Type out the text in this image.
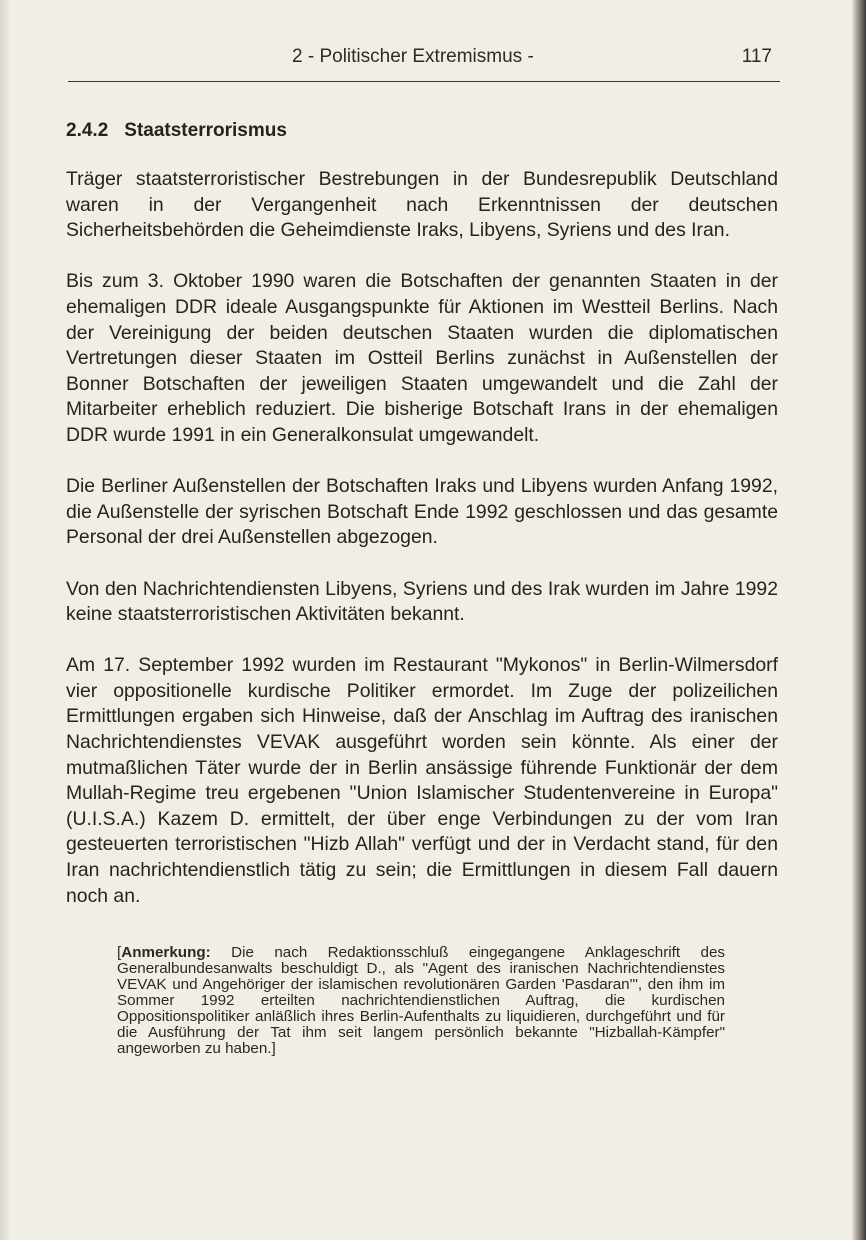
2 - Politischer Extremismus -	117
2.4.2 Staatsterrorismus

Träger staatsterroristischer Bestrebungen in der Bundesrepublik Deutschland waren in der Vergangenheit nach Erkenntnissen der deutschen Sicherheitsbehörden die Geheimdienste Iraks, Libyens, Syriens und des Iran.

Bis zum 3. Oktober 1990 waren die Botschaften der genannten Staaten in der ehemaligen DDR ideale Ausgangspunkte für Aktionen im Westteil Berlins. Nach der Vereinigung der beiden deutschen Staaten wurden die diplomatischen Vertretungen dieser Staaten im Ostteil Berlins zunächst in Außenstellen der Bonner Botschaften der jeweiligen Staaten umgewandelt und die Zahl der Mitarbeiter erheblich reduziert. Die bisherige Botschaft Irans in der ehemaligen DDR wurde 1991 in ein Generalkonsulat umgewandelt.

Die Berliner Außenstellen der Botschaften Iraks und Libyens wurden Anfang 1992, die Außenstelle der syrischen Botschaft Ende 1992 geschlossen und das gesamte Personal der drei Außenstellen abgezogen.

Von den Nachrichtendiensten Libyens, Syriens und des Irak wurden im Jahre 1992 keine staatsterroristischen Aktivitäten bekannt.

Am 17. September 1992 wurden im Restaurant "Mykonos" in Berlin-Wilmersdorf vier oppositionelle kurdische Politiker ermordet. Im Zuge der polizeilichen Ermittlungen ergaben sich Hinweise, daß der Anschlag im Auftrag des iranischen Nachrichtendienstes VEVAK ausgeführt worden sein könnte. Als einer der mutmaßlichen Täter wurde der in Berlin ansässige führende Funktionär der dem Mullah-Regime treu ergebenen "Union Islamischer Studentenvereine in Europa" (U.I.S.A.) Kazem D. ermittelt, der über enge Verbindungen zu der vom Iran gesteuerten terroristischen "Hizb Allah" verfügt und der in Verdacht stand, für den Iran nachrichtendienstlich tätig zu sein; die Ermittlungen in diesem Fall dauern noch an.

[Anmerkung: Die nach Redaktionsschluß eingegangene Anklageschrift des Generalbundesanwalts beschuldigt D., als "Agent des iranischen Nachrichtendienstes VEVAK und Angehöriger der islamischen revolutionären Garden 'Pasdaran'", den ihm im Sommer 1992 erteilten nachrichtendienstlichen Auftrag, die kurdischen Oppositionspolitiker anläßlich ihres Berlin-Aufenthalts zu liquidieren, durchgeführt und für die Ausführung der Tat ihm seit langem persönlich bekannte "Hizballah-Kämpfer" angeworben zu haben.]
